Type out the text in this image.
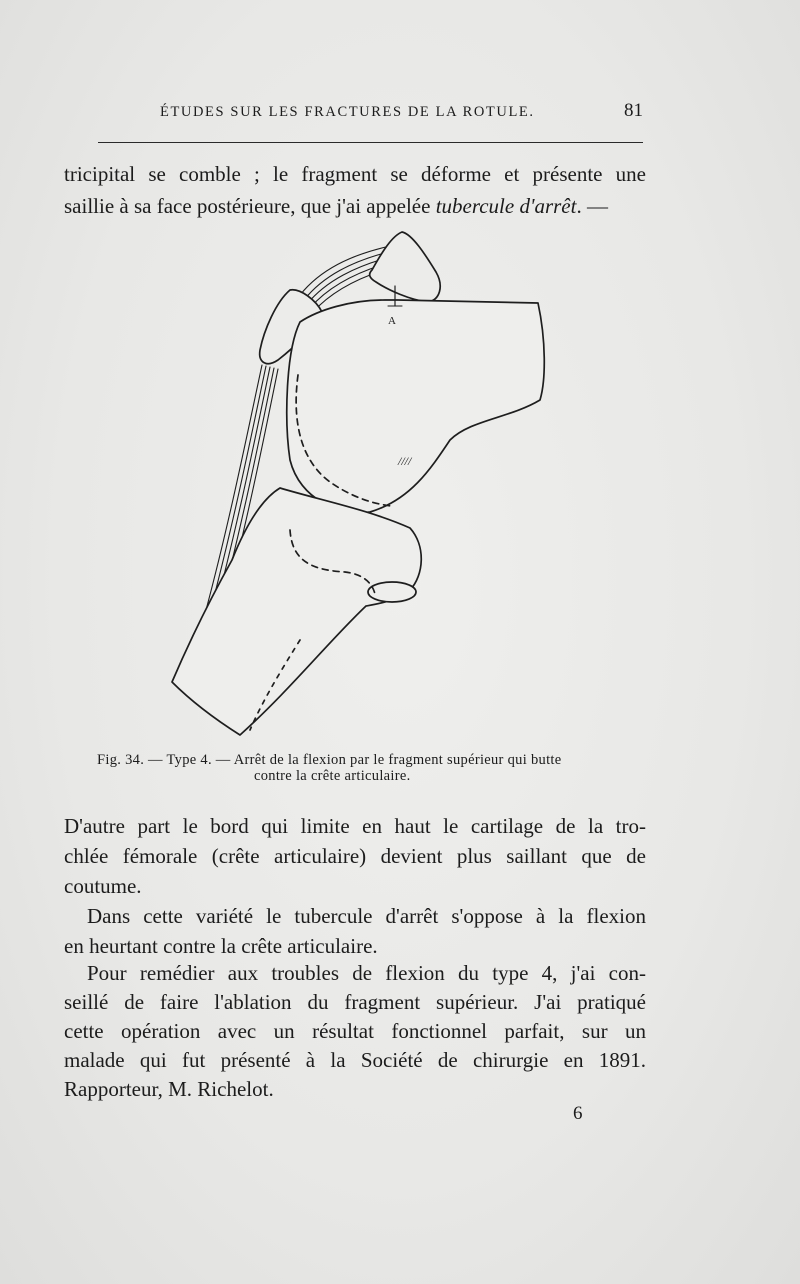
ÉTUDES SUR LES FRACTURES DE LA ROTULE.	81
tricipital se comble ; le fragment se déforme et présente une
saillie à sa face postérieure, que j'ai appelée tubercule d'arrêt. —
A
////
Fig. 34. — Type 4. — Arrêt de la flexion par le fragment supérieur qui butte
contre la crête articulaire.
D'autre part le bord qui limite en haut le cartilage de la tro-
chlée fémorale (crête articulaire) devient plus saillant que de
coutume.
Dans cette variété le tubercule d'arrêt s'oppose à la flexion
en heurtant contre la crête articulaire.
Pour remédier aux troubles de flexion du type 4, j'ai con-
seillé de faire l'ablation du fragment supérieur. J'ai pratiqué
cette opération avec un résultat fonctionnel parfait, sur un
malade qui fut présenté à la Société de chirurgie en 1891.
Rapporteur, M. Richelot.
6
